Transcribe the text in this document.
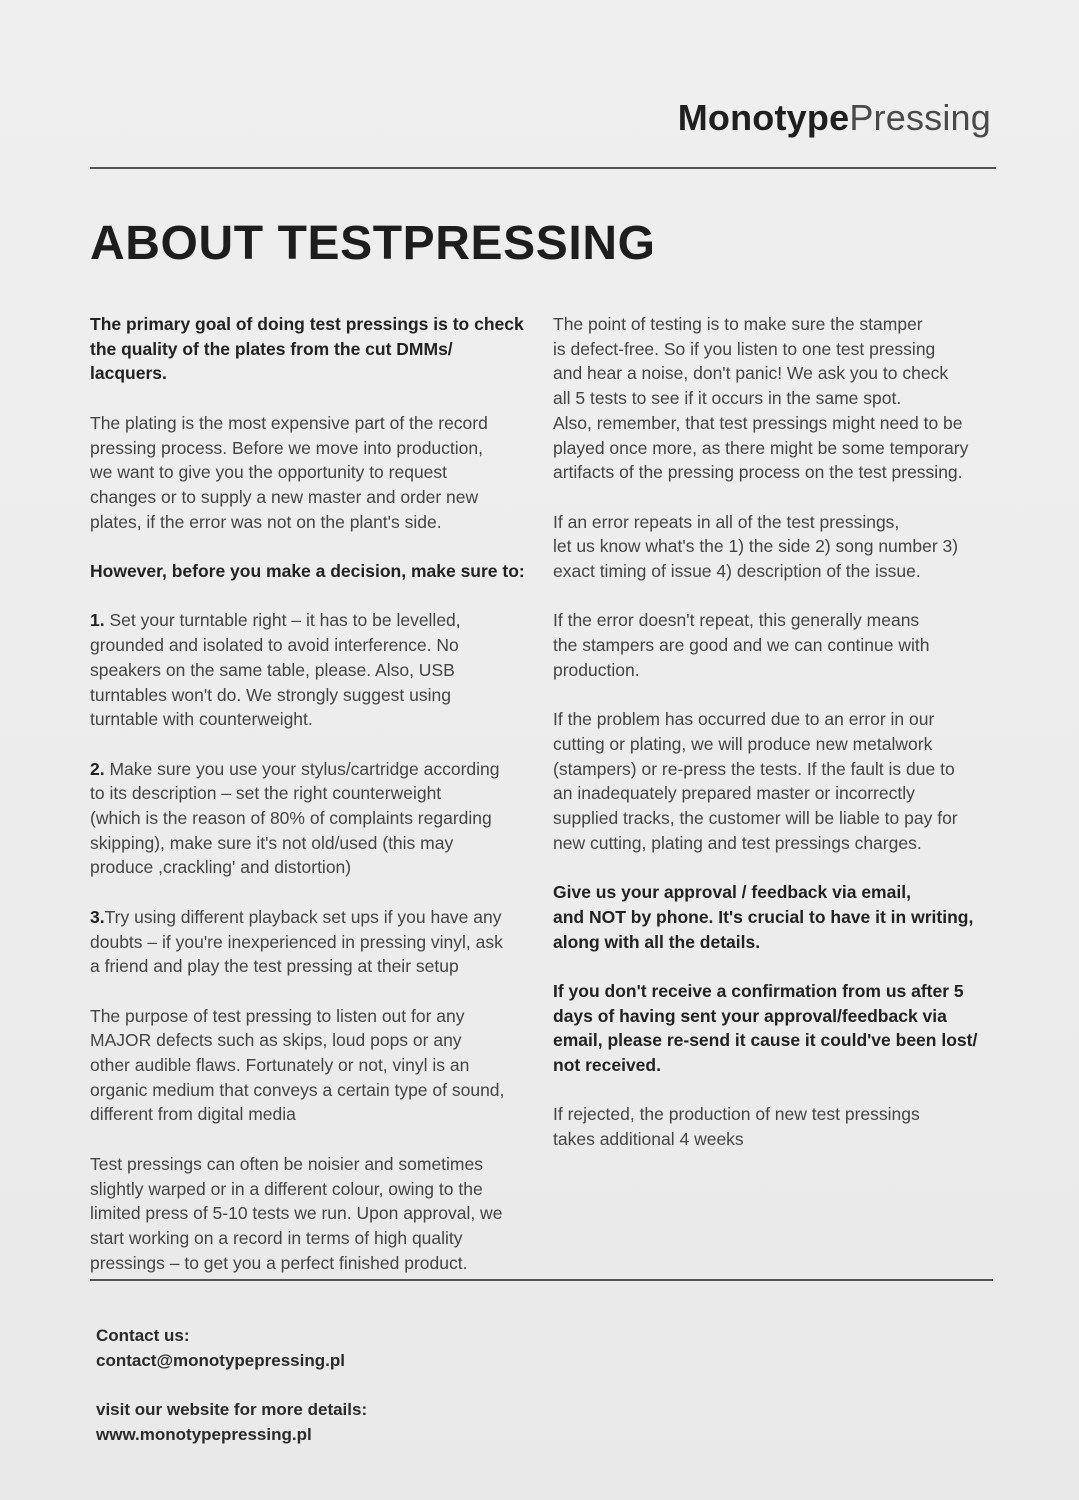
MonotypePressing
ABOUT TESTPRESSING

The primary goal of doing test pressings is to check
the quality of the plates from the cut DMMs/ lacquers.

The plating is the most expensive part of the record
pressing process. Before we move into production,
we want to give you the opportunity to request
changes or to supply a new master and order new
plates, if the error was not on the plant's side.

However, before you make a decision, make sure to:

1. Set your turntable right – it has to be levelled,
grounded and isolated to avoid interference. No
speakers on the same table, please. Also, USB
turntables won't do. We strongly suggest using
turntable with counterweight.

2. Make sure you use your stylus/cartridge according
to its description – set the right counterweight
(which is the reason of 80% of complaints regarding
skipping), make sure it's not old/used (this may
produce ,crackling' and distortion)

3.Try using different playback set ups if you have any
doubts – if you're inexperienced in pressing vinyl, ask
a friend and play the test pressing at their setup

The purpose of test pressing to listen out for any
MAJOR defects such as skips, loud pops or any
other audible flaws. Fortunately or not, vinyl is an
organic medium that conveys a certain type of sound,
different from digital media

Test pressings can often be noisier and sometimes
slightly warped or in a different colour, owing to the
limited press of 5-10 tests we run. Upon approval, we
start working on a record in terms of high quality
pressings – to get you a perfect finished product.

The point of testing is to make sure the stamper
is defect-free. So if you listen to one test pressing
and hear a noise, don't panic! We ask you to check
all 5 tests to see if it occurs in the same spot.
Also, remember, that test pressings might need to be
played once more, as there might be some temporary
artifacts of the pressing process on the test pressing.

If an error repeats in all of the test pressings,
let us know what's the 1) the side 2) song number 3)
exact timing of issue 4) description of the issue.

If the error doesn't repeat, this generally means
the stampers are good and we can continue with
production.

If the problem has occurred due to an error in our
cutting or plating, we will produce new metalwork
(stampers) or re-press the tests. If the fault is due to
an inadequately prepared master or incorrectly
supplied tracks, the customer will be liable to pay for
new cutting, plating and test pressings charges.

Give us your approval / feedback via email,
and NOT by phone. It's crucial to have it in writing,
along with all the details.

If you don't receive a confirmation from us after 5
days of having sent your approval/feedback via
email, please re-send it cause it could've been lost/
not received.

If rejected, the production of new test pressings
takes additional 4 weeks

Contact us:
contact@monotypepressing.pl

visit our website for more details:
www.monotypepressing.pl
